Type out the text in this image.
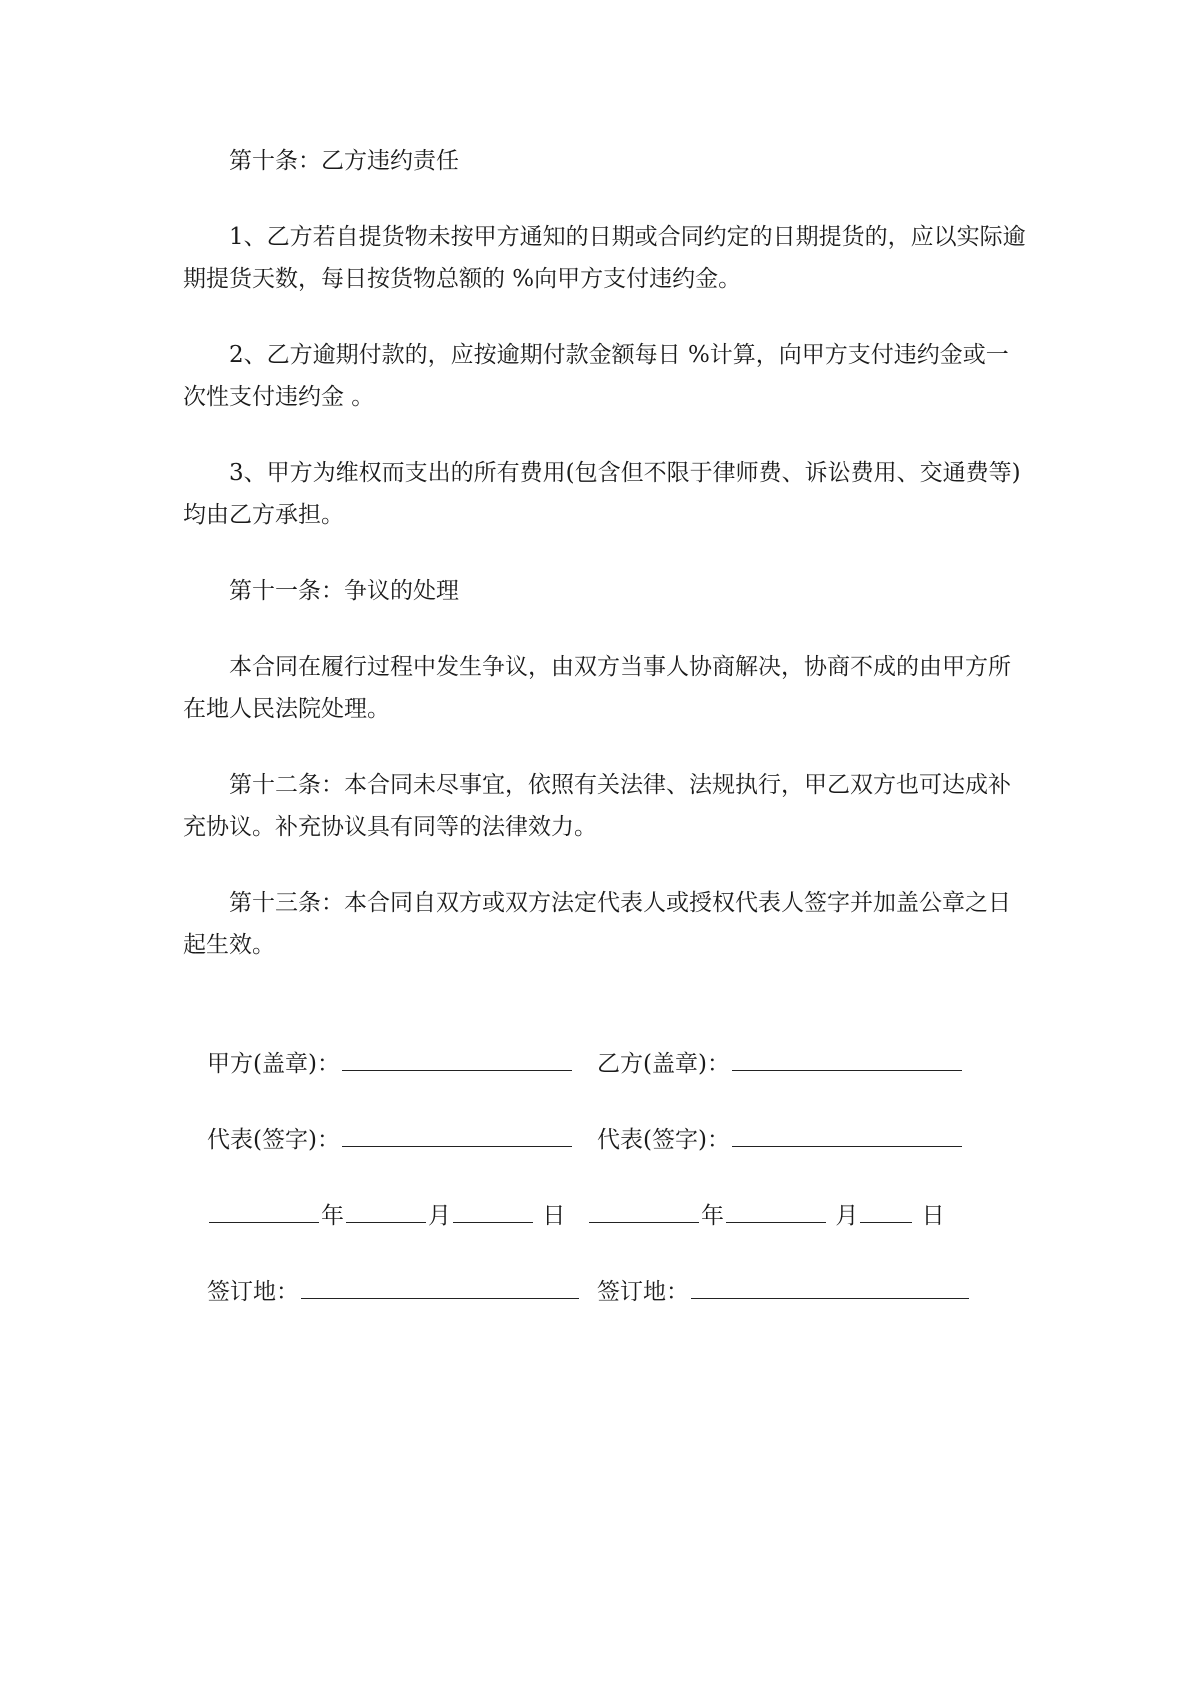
第十条：乙方违约责任

1、乙方若自提货物未按甲方通知的日期或合同约定的日期提货的，应以实际逾期提货天数，每日按货物总额的 %向甲方支付违约金。

2、乙方逾期付款的，应按逾期付款金额每日 %计算，向甲方支付违约金或一次性支付违约金 。

3、甲方为维权而支出的所有费用(包含但不限于律师费、诉讼费用、交通费等)均由乙方承担。

第十一条：争议的处理

本合同在履行过程中发生争议，由双方当事人协商解决，协商不成的由甲方所在地人民法院处理。

第十二条：本合同未尽事宜，依照有关法律、法规执行，甲乙双方也可达成补充协议。补充协议具有同等的法律效力。

第十三条：本合同自双方或双方法定代表人或授权代表人签字并加盖公章之日起生效。

甲方(盖章)：	乙方(盖章)：
代表(签字)：	代表(签字)：
年	月	日	年	月	日
签订地：	签订地：
